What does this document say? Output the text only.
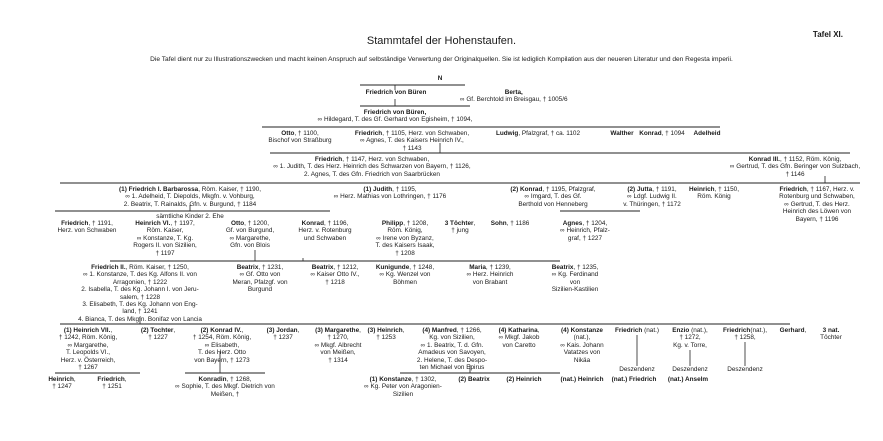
Tafel XI.
Stammtafel der Hohenstaufen.
Die Tafel dient nur zu Illustrationszwecken und macht keinen Anspruch auf selbständige Verwertung der Originalquellen. Sie ist lediglich Kompilation aus der neueren Literatur und den Regesta imperii.
N
Friedrich von Büren	Berta,
∞ Gf. Berchtold im Breisgau, † 1005/6
Friedrich von Büren,
∞ Hildegard, T. des Gf. Gerhard von Egisheim, † 1094,
Otto, † 1100,
Bischof von Straßburg
Friedrich, † 1105, Herz. von Schwaben,
∞ Agnes, T. des Kaisers Heinrich IV.,
† 1143
Ludwig, Pfalzgraf, † ca. 1102	Walther Konrad, † 1094 Adelheid
Friedrich, † 1147, Herz. von Schwaben,
∞ 1. Judith, T. des Herz. Heinrich des Schwarzen von Bayern, † 1126,
2. Agnes, T. des Gfn. Friedrich von Saarbrücken
Konrad III., † 1152, Röm. König,
∞ Gertrud, T. des Gfn. Beringer von Sulzbach,
† 1146
(1) Friedrich I. Barbarossa, Röm. Kaiser, † 1190,
∞ 1. Adelheid, T. Diepolds, Mkgfn. v. Vohburg,
2. Beatrix, T. Rainalds, Gfn. v. Burgund, † 1184
(1) Judith, † 1195,
∞ Herz. Mathias von Lothringen, † 1176
(2) Konrad, † 1195, Pfalzgraf,
∞ Imgard, T. des Gf.
Berthold von Henneberg
(2) Jutta, † 1191,
∞ Ldgf. Ludwig II.
v. Thüringen, † 1172
Heinrich, † 1150,
Röm. König
Friedrich, † 1167, Herz. v.
Rotenburg und Schwaben,
∞ Gertrud, T. des Herz.
Heinrich des Löwen von
Bayern, † 1196
sämtliche Kinder 2. Ehe
Friedrich, † 1191,
Herz. von Schwaben
Heinrich VI., † 1197,
Röm. Kaiser,
∞ Konstanze, T. Kg.
Rogers II. von Sizilien,
† 1197
Otto, † 1200,
Gf. von Burgund,
∞ Margarethe,
Gfn. von Blois
Konrad, † 1196,
Herz. v. Rotenburg
und Schwaben
Philipp, † 1208,
Röm. König,
∞ Irene von Byzanz,
T. des Kaisers Isaak,
† 1208
3 Töchter,
† jung
Sohn, † 1186	Agnes, † 1204,
∞ Heinrich, Pfalz-
graf, † 1227
Friedrich II., Röm. Kaiser, † 1250,
∞ 1. Konstanze, T. des Kg. Alfons II. von
Arragonien, † 1222
2. Isabella, T. des Kg. Johann I. von Jeru-
salem, † 1228
3. Elisabeth, T. des Kg. Johann von Eng-
land, † 1241
4. Bianca, T. des Mkgfn. Bonifaz von Lancia
Beatrix, † 1231,
∞ Gf. Otto von
Meran, Pfalzgf. von
Burgund
Beatrix, † 1212,
∞ Kaiser Otto IV.,
† 1218
Kunigunde, † 1248,
∞ Kg. Wenzel von
Böhmen
Maria, † 1239,
∞ Herz. Heinrich
von Brabant
Beatrix, † 1235,
∞ Kg. Ferdinand
von
Sizilien-Kastilien
(1) Heinrich VII.,
† 1242, Röm. König,
∞ Margarethe,
T. Leopolds VI.,
Herz. v. Österreich,
† 1267
(2) Tochter,
† 1227
(2) Konrad IV.,
† 1254, Röm. König,
∞ Elisabeth,
T. des Herz. Otto
von Bayern, † 1273
(3) Jordan,
† 1237
(3) Margarethe,
† 1270,
∞ Mkgf. Albrecht
von Meißen,
† 1314
(3) Heinrich,
† 1253
(4) Manfred, † 1266,
Kg. von Sizilien,
∞ 1. Beatrix, T. d. Gfn.
Amadeus von Savoyen,
2. Helene, T. des Despo-
ten Michael von Epirus
(4) Katharina,
∞ Mkgf. Jakob
von Caretto
(4) Konstanze
(nat.),
∞ Kais. Johann
Vatatzes von
Nikäa
Friedrich (nat.) Enzio (nat.),
† 1272,
Kg. v. Torre,
Friedrich(nat.),
† 1258,
Gerhard,	3 nat.
Töchter
Deszendenz	Deszendenz	Deszendenz
Heinrich,
† 1247
Friedrich,
† 1251
Konradin, † 1268,
∞ Sophie, T. des Mkgf. Dietrich von
Meißen, †
(1) Konstanze, † 1302,
∞ Kg. Peter von Aragonien-
Sizilien
(2) Beatrix	(2) Heinrich	(nat.) Heinrich (nat.) Friedrich (nat.) Anselm
